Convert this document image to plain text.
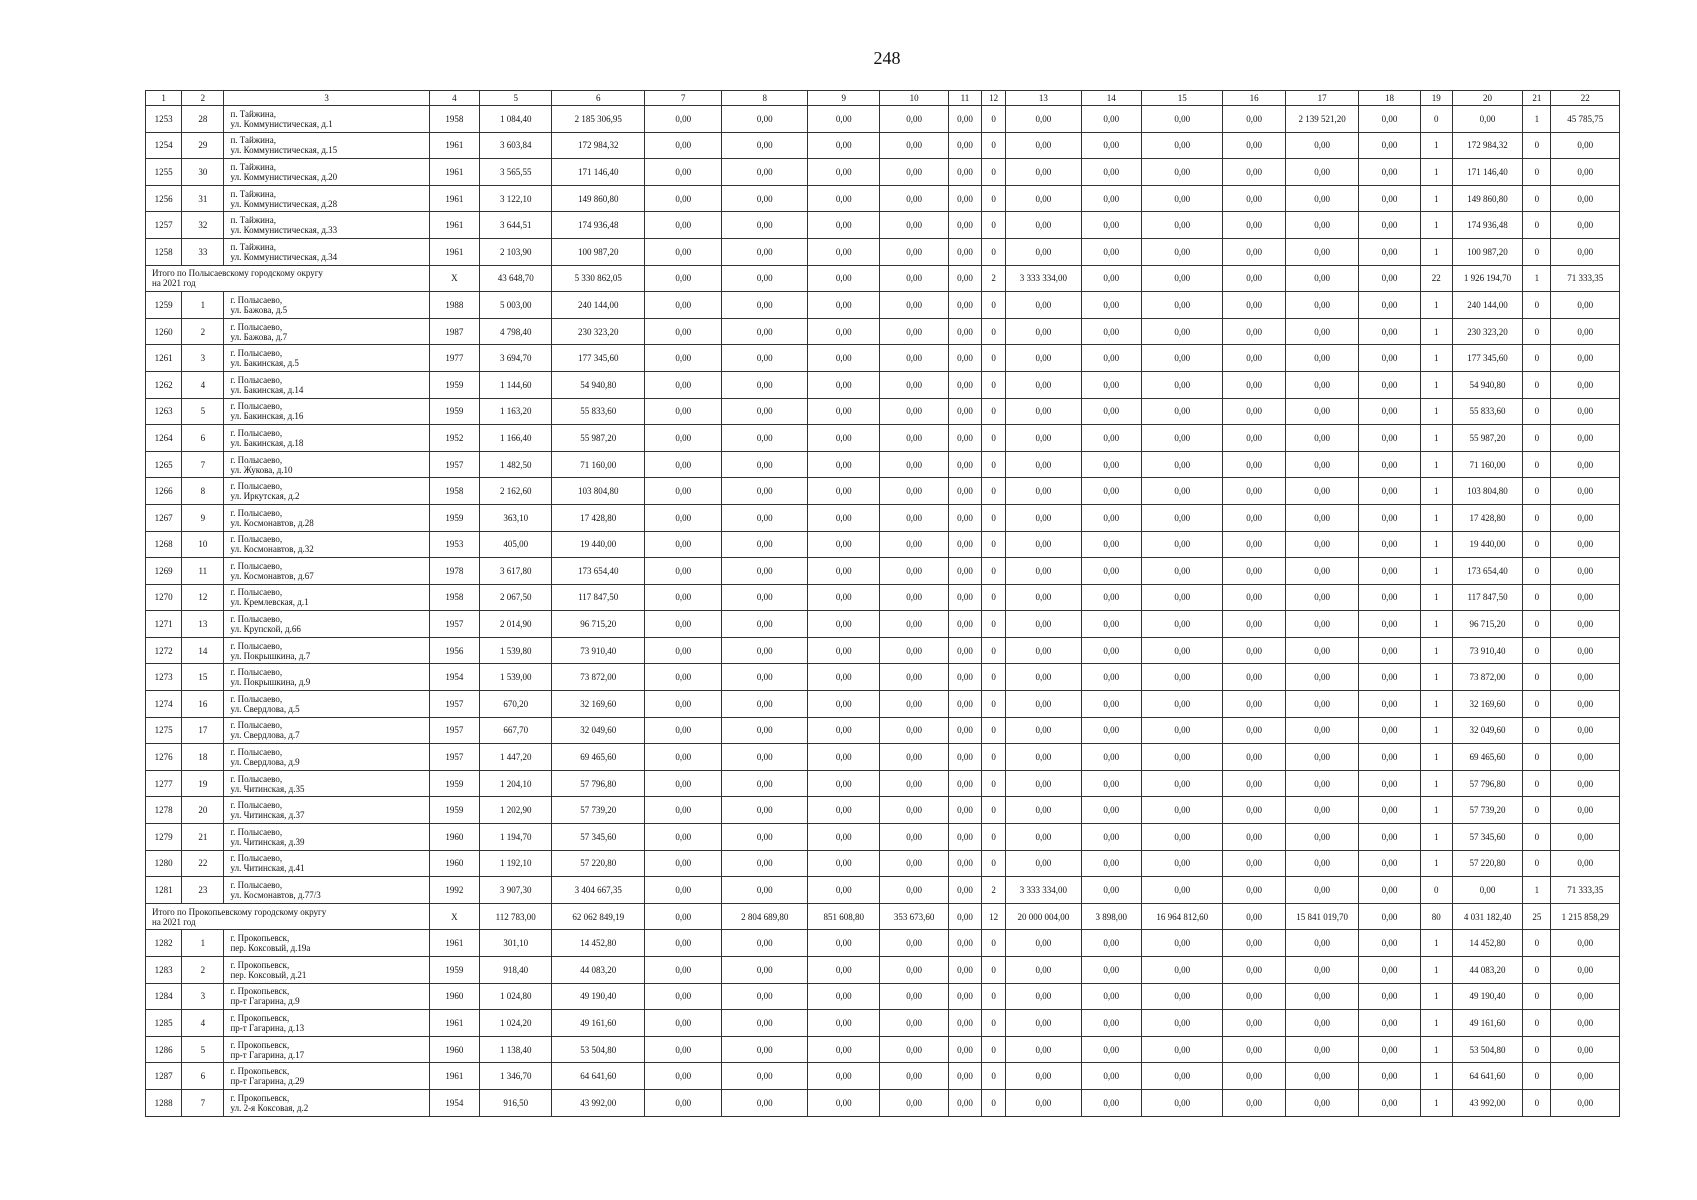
248
1	2	3	4	5	6	7	8	9	10	11	12	13	14	15	16	17	18	19	20	21	22
1253	28	п. Тайжина,
ул. Коммунистическая, д.1	1958	1 084,40	2 185 306,95	0,00	0,00	0,00	0,00	0,00	0	0,00	0,00	0,00	0,00	2 139 521,20	0,00	0	0,00	1	45 785,75
1254	29	п. Тайжина,
ул. Коммунистическая, д.15	1961	3 603,84	172 984,32	0,00	0,00	0,00	0,00	0,00	0	0,00	0,00	0,00	0,00	0,00	0,00	1	172 984,32	0	0,00
1255	30	п. Тайжина,
ул. Коммунистическая, д.20	1961	3 565,55	171 146,40	0,00	0,00	0,00	0,00	0,00	0	0,00	0,00	0,00	0,00	0,00	0,00	1	171 146,40	0	0,00
1256	31	п. Тайжина,
ул. Коммунистическая, д.28	1961	3 122,10	149 860,80	0,00	0,00	0,00	0,00	0,00	0	0,00	0,00	0,00	0,00	0,00	0,00	1	149 860,80	0	0,00
1257	32	п. Тайжина,
ул. Коммунистическая, д.33	1961	3 644,51	174 936,48	0,00	0,00	0,00	0,00	0,00	0	0,00	0,00	0,00	0,00	0,00	0,00	1	174 936,48	0	0,00
1258	33	п. Тайжина,
ул. Коммунистическая, д.34	1961	2 103,90	100 987,20	0,00	0,00	0,00	0,00	0,00	0	0,00	0,00	0,00	0,00	0,00	0,00	1	100 987,20	0	0,00

Итого по Полысаевскому городскому округу
на 2021 год			X	43 648,70	5 330 862,05	0,00	0,00	0,00	0,00	0,00	2	3 333 334,00	0,00	0,00	0,00	0,00	0,00	22	1 926 194,70	1	71 333,35
1259	1	г. Полысаево,
ул. Бажова, д.5	1988	5 003,00	240 144,00	0,00	0,00	0,00	0,00	0,00	0	0,00	0,00	0,00	0,00	0,00	0,00	1	240 144,00	0	0,00
1260	2	г. Полысаево,
ул. Бажова, д.7	1987	4 798,40	230 323,20	0,00	0,00	0,00	0,00	0,00	0	0,00	0,00	0,00	0,00	0,00	0,00	1	230 323,20	0	0,00
1261	3	г. Полысаево,
ул. Бакинская, д.5	1977	3 694,70	177 345,60	0,00	0,00	0,00	0,00	0,00	0	0,00	0,00	0,00	0,00	0,00	0,00	1	177 345,60	0	0,00
1262	4	г. Полысаево,
ул. Бакинская, д.14	1959	1 144,60	54 940,80	0,00	0,00	0,00	0,00	0,00	0	0,00	0,00	0,00	0,00	0,00	0,00	1	54 940,80	0	0,00
1263	5	г. Полысаево,
ул. Бакинская, д.16	1959	1 163,20	55 833,60	0,00	0,00	0,00	0,00	0,00	0	0,00	0,00	0,00	0,00	0,00	0,00	1	55 833,60	0	0,00
1264	6	г. Полысаево,
ул. Бакинская, д.18	1952	1 166,40	55 987,20	0,00	0,00	0,00	0,00	0,00	0	0,00	0,00	0,00	0,00	0,00	0,00	1	55 987,20	0	0,00
1265	7	г. Полысаево,
ул. Жукова, д.10	1957	1 482,50	71 160,00	0,00	0,00	0,00	0,00	0,00	0	0,00	0,00	0,00	0,00	0,00	0,00	1	71 160,00	0	0,00
1266	8	г. Полысаево,
ул. Иркутская, д.2	1958	2 162,60	103 804,80	0,00	0,00	0,00	0,00	0,00	0	0,00	0,00	0,00	0,00	0,00	0,00	1	103 804,80	0	0,00
1267	9	г. Полысаево,
ул. Космонавтов, д.28	1959	363,10	17 428,80	0,00	0,00	0,00	0,00	0,00	0	0,00	0,00	0,00	0,00	0,00	0,00	1	17 428,80	0	0,00
1268	10	г. Полысаево,
ул. Космонавтов, д.32	1953	405,00	19 440,00	0,00	0,00	0,00	0,00	0,00	0	0,00	0,00	0,00	0,00	0,00	0,00	1	19 440,00	0	0,00
1269	11	г. Полысаево,
ул. Космонавтов, д.67	1978	3 617,80	173 654,40	0,00	0,00	0,00	0,00	0,00	0	0,00	0,00	0,00	0,00	0,00	0,00	1	173 654,40	0	0,00
1270	12	г. Полысаево,
ул. Кремлевская, д.1	1958	2 067,50	117 847,50	0,00	0,00	0,00	0,00	0,00	0	0,00	0,00	0,00	0,00	0,00	0,00	1	117 847,50	0	0,00
1271	13	г. Полысаево,
ул. Крупской, д.66	1957	2 014,90	96 715,20	0,00	0,00	0,00	0,00	0,00	0	0,00	0,00	0,00	0,00	0,00	0,00	1	96 715,20	0	0,00
1272	14	г. Полысаево,
ул. Покрышкина, д.7	1956	1 539,80	73 910,40	0,00	0,00	0,00	0,00	0,00	0	0,00	0,00	0,00	0,00	0,00	0,00	1	73 910,40	0	0,00
1273	15	г. Полысаево,
ул. Покрышкина, д.9	1954	1 539,00	73 872,00	0,00	0,00	0,00	0,00	0,00	0	0,00	0,00	0,00	0,00	0,00	0,00	1	73 872,00	0	0,00
1274	16	г. Полысаево,
ул. Свердлова, д.5	1957	670,20	32 169,60	0,00	0,00	0,00	0,00	0,00	0	0,00	0,00	0,00	0,00	0,00	0,00	1	32 169,60	0	0,00
1275	17	г. Полысаево,
ул. Свердлова, д.7	1957	667,70	32 049,60	0,00	0,00	0,00	0,00	0,00	0	0,00	0,00	0,00	0,00	0,00	0,00	1	32 049,60	0	0,00
1276	18	г. Полысаево,
ул. Свердлова, д.9	1957	1 447,20	69 465,60	0,00	0,00	0,00	0,00	0,00	0	0,00	0,00	0,00	0,00	0,00	0,00	1	69 465,60	0	0,00
1277	19	г. Полысаево,
ул. Читинская, д.35	1959	1 204,10	57 796,80	0,00	0,00	0,00	0,00	0,00	0	0,00	0,00	0,00	0,00	0,00	0,00	1	57 796,80	0	0,00
1278	20	г. Полысаево,
ул. Читинская, д.37	1959	1 202,90	57 739,20	0,00	0,00	0,00	0,00	0,00	0	0,00	0,00	0,00	0,00	0,00	0,00	1	57 739,20	0	0,00
1279	21	г. Полысаево,
ул. Читинская, д.39	1960	1 194,70	57 345,60	0,00	0,00	0,00	0,00	0,00	0	0,00	0,00	0,00	0,00	0,00	0,00	1	57 345,60	0	0,00
1280	22	г. Полысаево,
ул. Читинская, д.41	1960	1 192,10	57 220,80	0,00	0,00	0,00	0,00	0,00	0	0,00	0,00	0,00	0,00	0,00	0,00	1	57 220,80	0	0,00
1281	23	г. Полысаево,
ул. Космонавтов, д.77/3	1992	3 907,30	3 404 667,35	0,00	0,00	0,00	0,00	0,00	2	3 333 334,00	0,00	0,00	0,00	0,00	0,00	0	0,00	1	71 333,35

Итого по Прокопьевскому городскому округу
на 2021 год			X	112 783,00	62 062 849,19	0,00	2 804 689,80	851 608,80	353 673,60	0,00	12	20 000 004,00	3 898,00	16 964 812,60	0,00	15 841 019,70	0,00	80	4 031 182,40	25	1 215 858,29
1282	1	г. Прокопьевск,
пер. Коксовый, д.19а	1961	301,10	14 452,80	0,00	0,00	0,00	0,00	0,00	0	0,00	0,00	0,00	0,00	0,00	0,00	1	14 452,80	0	0,00
1283	2	г. Прокопьевск,
пер. Коксовый, д.21	1959	918,40	44 083,20	0,00	0,00	0,00	0,00	0,00	0	0,00	0,00	0,00	0,00	0,00	0,00	1	44 083,20	0	0,00
1284	3	г. Прокопьевск,
пр-т Гагарина, д.9	1960	1 024,80	49 190,40	0,00	0,00	0,00	0,00	0,00	0	0,00	0,00	0,00	0,00	0,00	0,00	1	49 190,40	0	0,00
1285	4	г. Прокопьевск,
пр-т Гагарина, д.13	1961	1 024,20	49 161,60	0,00	0,00	0,00	0,00	0,00	0	0,00	0,00	0,00	0,00	0,00	0,00	1	49 161,60	0	0,00
1286	5	г. Прокопьевск,
пр-т Гагарина, д.17	1960	1 138,40	53 504,80	0,00	0,00	0,00	0,00	0,00	0	0,00	0,00	0,00	0,00	0,00	0,00	1	53 504,80	0	0,00
1287	6	г. Прокопьевск,
пр-т Гагарина, д.29	1961	1 346,70	64 641,60	0,00	0,00	0,00	0,00	0,00	0	0,00	0,00	0,00	0,00	0,00	0,00	1	64 641,60	0	0,00
1288	7	г. Прокопьевск,
ул. 2-я Коксовая, д.2	1954	916,50	43 992,00	0,00	0,00	0,00	0,00	0,00	0	0,00	0,00	0,00	0,00	0,00	0,00	1	43 992,00	0	0,00
